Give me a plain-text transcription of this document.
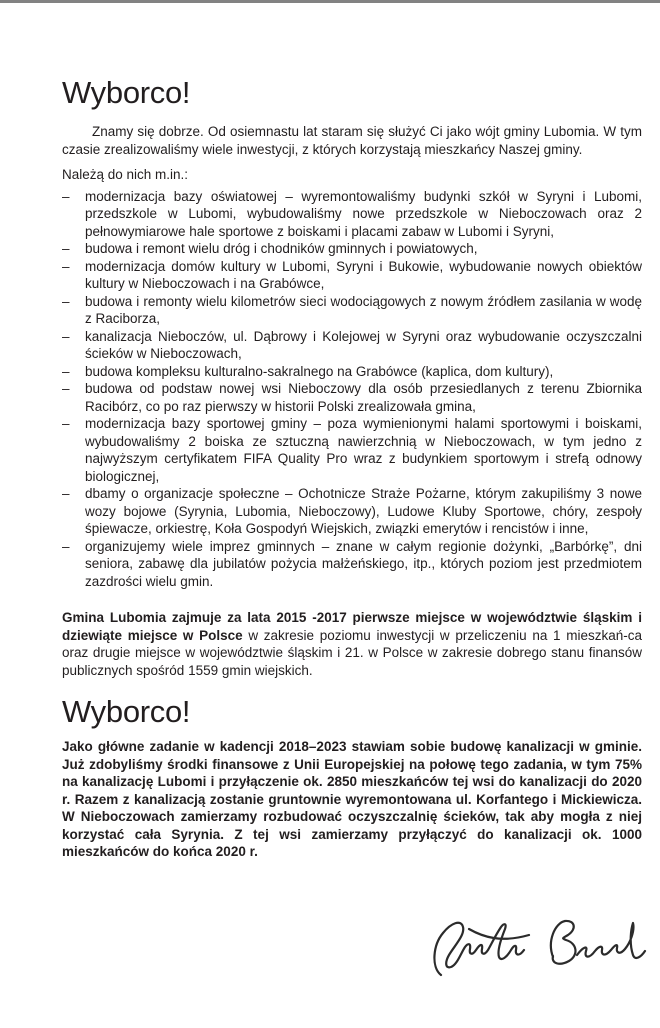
Wyborco!

Znamy się dobrze. Od osiemnastu lat staram się służyć Ci jako wójt gminy Lubomia. W tym czasie zrealizowaliśmy wiele inwestycji, z których korzystają mieszkańcy Naszej gminy.

Należą do nich m.in.:

– modernizacja bazy oświatowej – wyremontowaliśmy budynki szkół w Syryni i Lubomi, przedszkole w Lubomi, wybudowaliśmy nowe przedszkole w Nieboczowach oraz 2 pełnowymiarowe hale sportowe z boiskami i placami zabaw w Lubomi i Syryni,
– budowa i remont wielu dróg i chodników gminnych i powiatowych,
– modernizacja domów kultury w Lubomi, Syryni i Bukowie, wybudowanie nowych obiektów kultury w Nieboczowach i na Grabówce,
– budowa i remonty wielu kilometrów sieci wodociągowych z nowym źródłem zasilania w wodę z Raciborza,
– kanalizacja Nieboczów, ul. Dąbrowy i Kolejowej w Syryni oraz wybudowanie oczyszczalni ścieków w Nieboczowach,
– budowa kompleksu kulturalno-sakralnego na Grabówce (kaplica, dom kultury),
– budowa od podstaw nowej wsi Nieboczowy dla osób przesiedlanych z terenu Zbiornika Racibórz, co po raz pierwszy w historii Polski zrealizowała gmina,
– modernizacja bazy sportowej gminy – poza wymienionymi halami sportowymi i boiskami, wybudowaliśmy 2 boiska ze sztuczną nawierzchnią w Nieboczowach, w tym jedno z najwyższym certyfikatem FIFA Quality Pro wraz z budynkiem sportowym i strefą odnowy biologicznej,
– dbamy o organizacje społeczne – Ochotnicze Straże Pożarne, którym zakupiliśmy 3 nowe wozy bojowe (Syrynia, Lubomia, Nieboczowy), Ludowe Kluby Sportowe, chóry, zespoły śpiewacze, orkiestrę, Koła Gospodyń Wiejskich, związki emerytów i rencistów i inne,
– organizujemy wiele imprez gminnych – znane w całym regionie dożynki, „Barbórkę”, dni seniora, zabawę dla jubilatów pożycia małżeńskiego, itp., których poziom jest przedmiotem zazdrości wielu gmin.

Gmina Lubomia zajmuje za lata 2015 -2017 pierwsze miejsce w województwie śląskim i dziewiąte miejsce w Polsce w zakresie poziomu inwestycji w przeliczeniu na 1 mieszkań-ca oraz drugie miejsce w województwie śląskim i 21. w Polsce w zakresie dobrego stanu finansów publicznych spośród 1559 gmin wiejskich.

Wyborco!

Jako główne zadanie w kadencji 2018–2023 stawiam sobie budowę kanalizacji w gminie. Już zdobyliśmy środki finansowe z Unii Europejskiej na połowę tego zadania, w tym 75% na kanalizację Lubomi i przyłączenie ok. 2850 mieszkańców tej wsi do kanalizacji do 2020 r. Razem z kanalizacją zostanie gruntownie wyremontowana ul. Korfantego i Mickiewicza. W Nieboczowach zamierzamy rozbudować oczyszczalnię ścieków, tak aby mogła z niej korzystać cała Syrynia. Z tej wsi zamierzamy przyłączyć do kanalizacji ok. 1000 mieszkańców do końca 2020 r.
